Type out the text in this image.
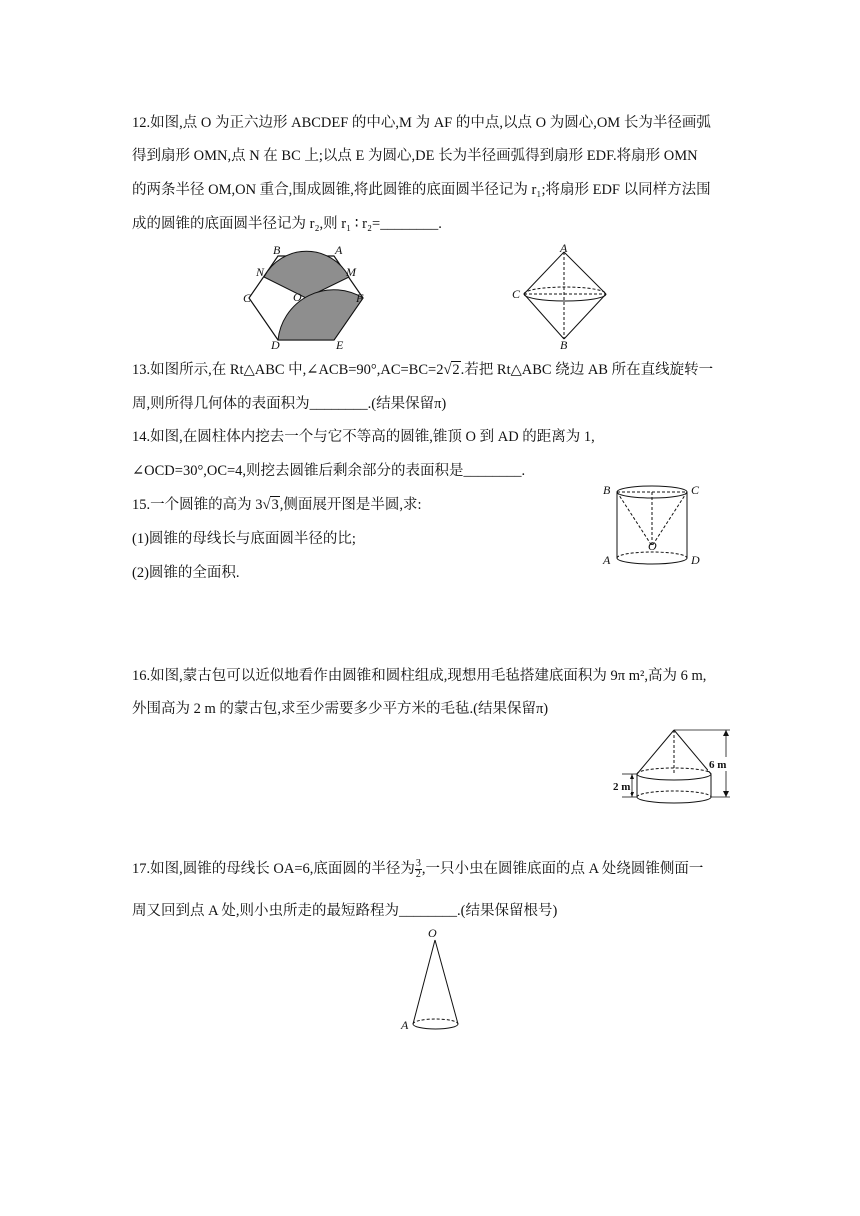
12.如图,点 O 为正六边形 ABCDEF 的中心,M 为 AF 的中点,以点 O 为圆心,OM 长为半径画弧
得到扇形 OMN,点 N 在 BC 上;以点 E 为圆心,DE 长为半径画弧得到扇形 EDF.将扇形 OMN
的两条半径 OM,ON 重合,围成圆锥,将此圆锥的底面圆半径记为 r₁;将扇形 EDF 以同样方法围
成的圆锥的底面圆半径记为 r₂,则 r₁ ∶ r₂=________.
B	A
N	M
C	O	F
D	E
A
C
B
13.如图所示,在 Rt△ABC 中,∠ACB=90°,AC=BC=2√2.若把 Rt△ABC 绕边 AB 所在直线旋转一
周,则所得几何体的表面积为________.(结果保留π)
14.如图,在圆柱体内挖去一个与它不等高的圆锥,锥顶 O 到 AD 的距离为 1,
∠OCD=30°,OC=4,则挖去圆锥后剩余部分的表面积是________.
15.一个圆锥的高为 3√3,侧面展开图是半圆,求:
(1)圆锥的母线长与底面圆半径的比;
(2)圆锥的全面积.
B	C
O
A	D
16.如图,蒙古包可以近似地看作由圆锥和圆柱组成,现想用毛毡搭建底面积为 9π m²,高为 6 m,
外围高为 2 m 的蒙古包,求至少需要多少平方米的毛毡.(结果保留π)
6 m
2 m
17.如图,圆锥的母线长 OA=6,底面圆的半径为 $\frac{3}{2}$ ,一只小虫在圆锥底面的点 A 处绕圆锥侧面一
周又回到点 A 处,则小虫所走的最短路程为________.(结果保留根号)
O
A
